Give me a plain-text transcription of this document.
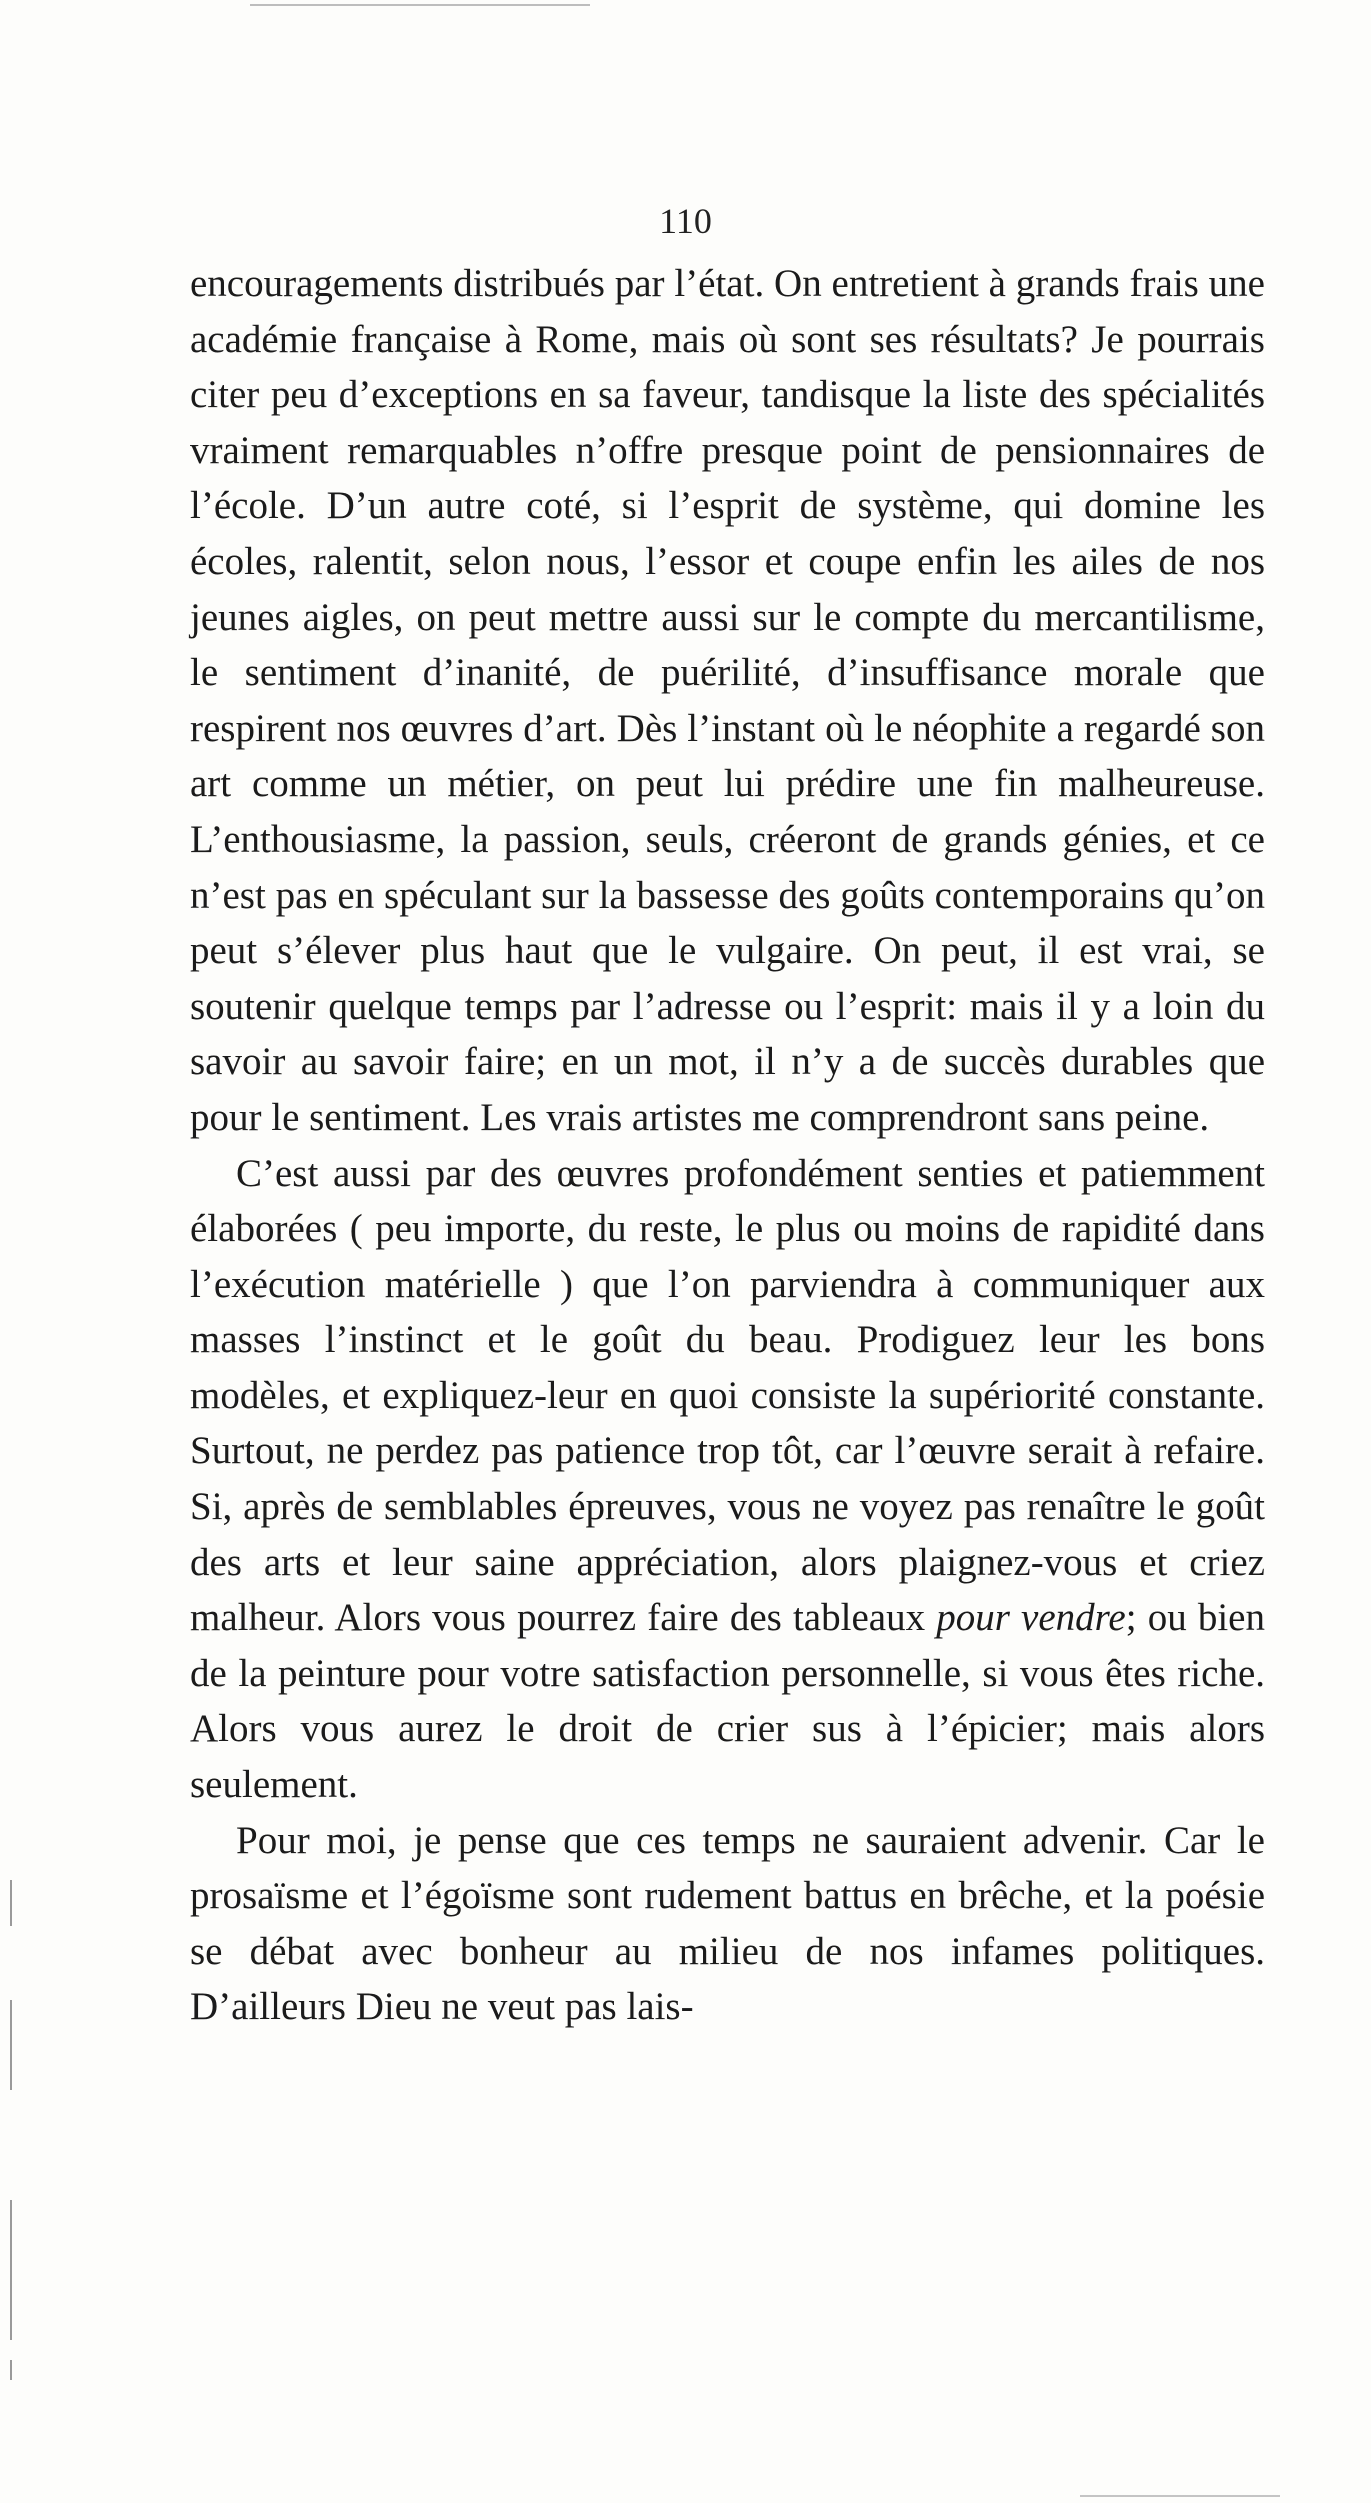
110

encouragements distribués par l’état. On entretient à grands frais une académie française à Rome, mais où sont ses résultats? Je pourrais citer peu d’exceptions en sa faveur, tandisque la liste des spécialités vraiment remarquables n’offre presque point de pensionnaires de l’école. D’un autre coté, si l’esprit de système, qui domine les écoles, ralentit, selon nous, l’essor et coupe enfin les ailes de nos jeunes aigles, on peut mettre aussi sur le compte du mercantilisme, le sentiment d’inanité, de puérilité, d’insuffisance morale que respirent nos œuvres d’art. Dès l’instant où le néophite a regardé son art comme un métier, on peut lui prédire une fin malheureuse. L’enthousiasme, la passion, seuls, créeront de grands génies, et ce n’est pas en spéculant sur la bassesse des goûts contemporains qu’on peut s’élever plus haut que le vulgaire. On peut, il est vrai, se soutenir quelque temps par l’adresse ou l’esprit: mais il y a loin du savoir au savoir faire; en un mot, il n’y a de succès durables que pour le sentiment. Les vrais artistes me comprendront sans peine.

C’est aussi par des œuvres profondément senties et patiemment élaborées ( peu importe, du reste, le plus ou moins de rapidité dans l’exécution matérielle ) que l’on parviendra à communiquer aux masses l’instinct et le goût du beau. Prodiguez leur les bons modèles, et expliquez-leur en quoi consiste la supériorité constante. Surtout, ne perdez pas patience trop tôt, car l’œuvre serait à refaire. Si, après de semblables épreuves, vous ne voyez pas renaître le goût des arts et leur saine appréciation, alors plaignez-vous et criez malheur. Alors vous pourrez faire des tableaux pour vendre; ou bien de la peinture pour votre satisfaction personnelle, si vous êtes riche. Alors vous aurez le droit de crier sus à l’épicier; mais alors seulement.

Pour moi, je pense que ces temps ne sauraient advenir. Car le prosaïsme et l’égoïsme sont rudement battus en brêche, et la poésie se débat avec bonheur au milieu de nos infames politiques. D’ailleurs Dieu ne veut pas lais-
